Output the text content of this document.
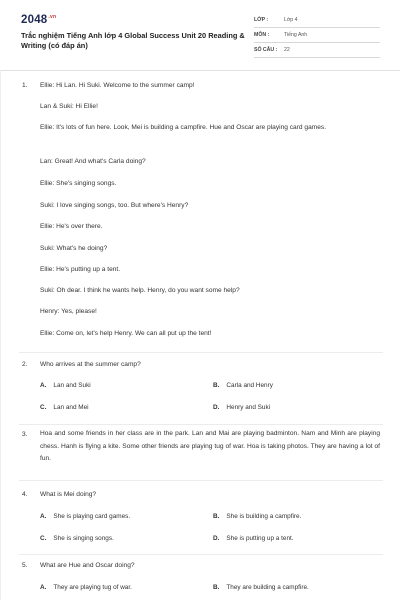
$2048^{.vn}$
Trắc nghiệm Tiếng Anh lớp 4 Global Success Unit 20 Reading & Writing (có đáp án)
LỚP :	Lớp 4
MÔN :	Tiếng Anh
SỐ CÂU : 22
1. Ellie: Hi Lan. Hi Suki. Welcome to the summer camp!
Lan & Suki: Hi Ellie!
Ellie: It's lots of fun here. Look, Mei is building a campfire. Hue and Oscar are playing card games.
Lan: Great! And what's Carla doing?
Ellie: She's singing songs.
Suki: I love singing songs, too. But where's Henry?
Ellie: He's over there.
Suki: What's he doing?
Ellie: He's putting up a tent.
Suki: Oh dear. I think he wants help. Henry, do you want some help?
Henry: Yes, please!
Ellie: Come on, let's help Henry. We can all put up the tent!
2. Who arrives at the summer camp?
A. Lan and Suki	B. Carla and Henry
C. Lan and Mei	D. Henry and Suki
3. Hoa and some friends in her class are in the park. Lan and Mai are playing badminton. Nam and Minh are playing chess. Hanh is flying a kite. Some other friends are playing tug of war. Hoa is taking photos. They are having a lot of fun.
4. What is Mei doing?
A. She is playing card games.	B. She is building a campfire.
C. She is singing songs.	D. She is putting up a tent.
5. What are Hue and Oscar doing?
A. They are playing tug of war.	B. They are building a campfire.
